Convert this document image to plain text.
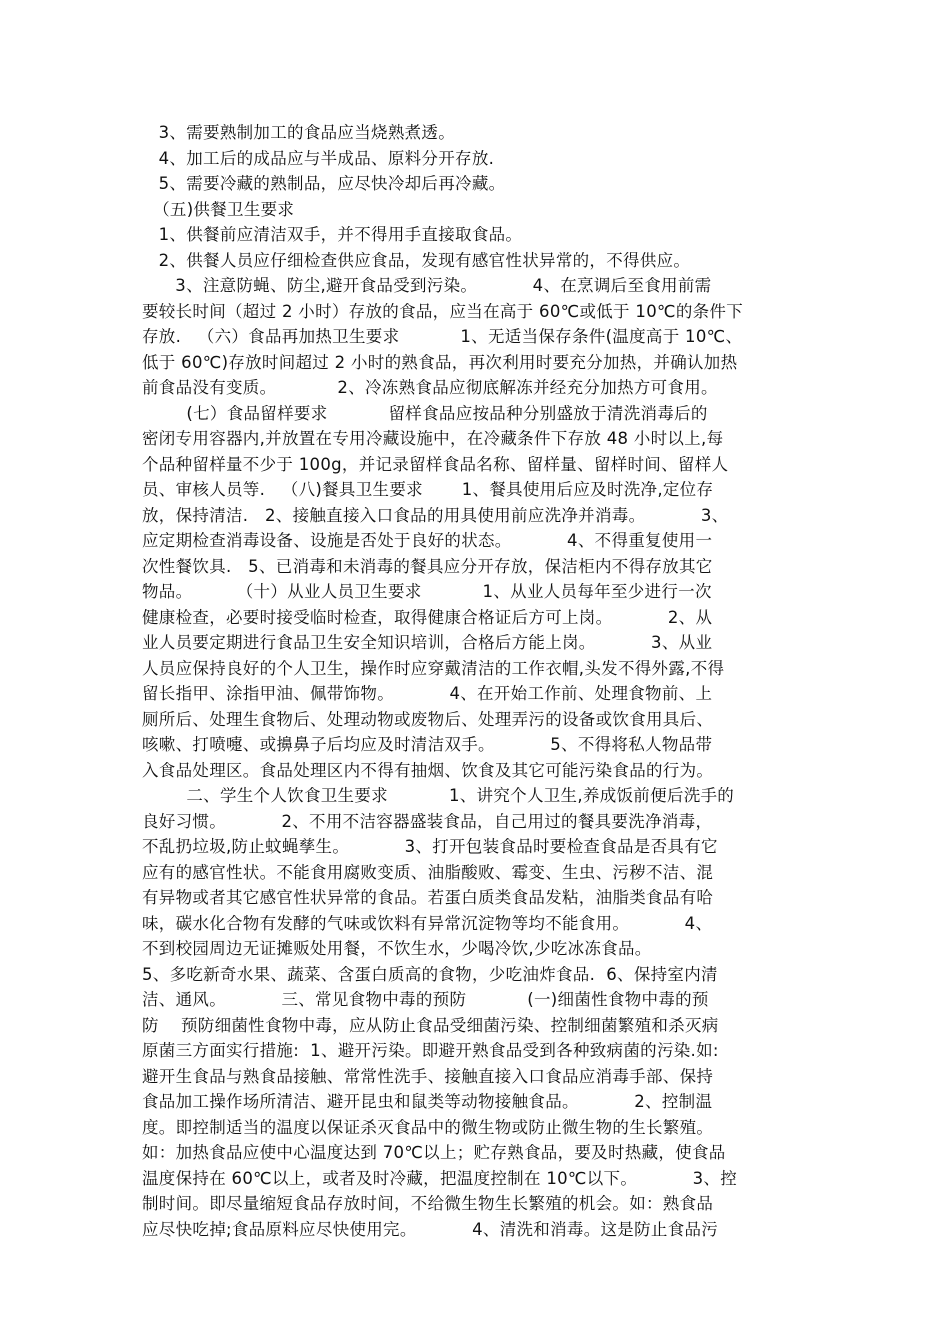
3、需要熟制加工的食品应当烧熟煮透。
4、加工后的成品应与半成品、原料分开存放.
5、需要冷藏的熟制品，应尽快冷却后再冷藏。
（五)供餐卫生要求
1、供餐前应清洁双手，并不得用手直接取食品。
2、供餐人员应仔细检查供应食品，发现有感官性状异常的，不得供应。
3、注意防蝇、防尘,避开食品受到污染。          4、在烹调后至食用前需
要较长时间（超过 2 小时）存放的食品，应当在高于 60℃或低于 10℃的条件下
存放.   （六）食品再加热卫生要求           1、无适当保存条件(温度高于 10℃、
低于 60℃)存放时间超过 2 小时的熟食品，再次利用时要充分加热，并确认加热
前食品没有变质。           2、冷冻熟食品应彻底解冻并经充分加热方可食用。
(七）食品留样要求           留样食品应按品种分别盛放于清洗消毒后的
密闭专用容器内,并放置在专用冷藏设施中，在冷藏条件下存放 48 小时以上,每
个品种留样量不少于 100g，并记录留样食品名称、留样量、留样时间、留样人
员、审核人员等.   （八)餐具卫生要求       1、餐具使用后应及时洗净,定位存
放，保持清洁.   2、接触直接入口食品的用具使用前应洗净并消毒。          3、
应定期检查消毒设备、设施是否处于良好的状态。          4、不得重复使用一
次性餐饮具.   5、已消毒和未消毒的餐具应分开存放，保洁柜内不得存放其它
物品。        （十）从业人员卫生要求           1、从业人员每年至少进行一次
健康检查，必要时接受临时检查，取得健康合格证后方可上岗。          2、从
业人员要定期进行食品卫生安全知识培训，合格后方能上岗。          3、从业
人员应保持良好的个人卫生，操作时应穿戴清洁的工作衣帽,头发不得外露,不得
留长指甲、涂指甲油、佩带饰物。          4、在开始工作前、处理食物前、上
厕所后、处理生食物后、处理动物或废物后、处理弄污的设备或饮食用具后、
咳嗽、打喷嚏、或擤鼻子后均应及时清洁双手。          5、不得将私人物品带
入食品处理区。食品处理区内不得有抽烟、饮食及其它可能污染食品的行为。
二、学生个人饮食卫生要求           1、讲究个人卫生,养成饭前便后洗手的
良好习惯。          2、不用不洁容器盛装食品，自己用过的餐具要洗净消毒，
不乱扔垃圾,防止蚊蝇孳生。          3、打开包装食品时要检查食品是否具有它
应有的感官性状。不能食用腐败变质、油脂酸败、霉变、生虫、污秽不洁、混
有异物或者其它感官性状异常的食品。若蛋白质类食品发粘，油脂类食品有哈
味，碳水化合物有发酵的气味或饮料有异常沉淀物等均不能食用。          4、
不到校园周边无证摊贩处用餐，不饮生水，少喝冷饮,少吃冰冻食品。
5、多吃新奇水果、蔬菜、含蛋白质高的食物，少吃油炸食品.  6、保持室内清
洁、通风。          三、常见食物中毒的预防           (一)细菌性食物中毒的预
防    预防细菌性食物中毒，应从防止食品受细菌污染、控制细菌繁殖和杀灭病
原菌三方面实行措施:  1、避开污染。即避开熟食品受到各种致病菌的污染.如:
避开生食品与熟食品接触、常常性洗手、接触直接入口食品应消毒手部、保持
食品加工操作场所清洁、避开昆虫和鼠类等动物接触食品。          2、控制温
度。即控制适当的温度以保证杀灭食品中的微生物或防止微生物的生长繁殖。
如：加热食品应使中心温度达到 70℃以上；贮存熟食品，要及时热藏，使食品
温度保持在 60℃以上，或者及时冷藏，把温度控制在 10℃以下。          3、控
制时间。即尽量缩短食品存放时间，不给微生物生长繁殖的机会。如：熟食品
应尽快吃掉;食品原料应尽快使用完。          4、清洗和消毒。这是防止食品污
